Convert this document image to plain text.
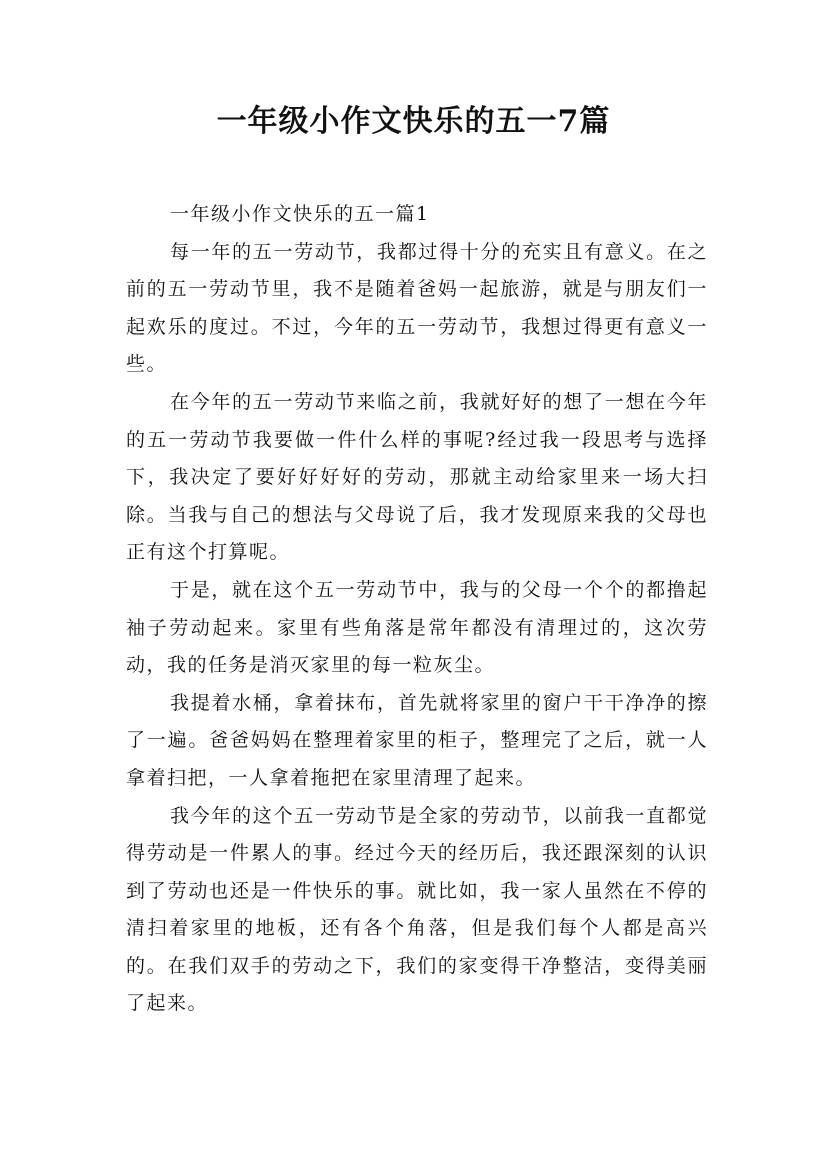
一年级小作文快乐的五一7篇

一年级小作文快乐的五一篇1

每一年的五一劳动节，我都过得十分的充实且有意义。在之前的五一劳动节里，我不是随着爸妈一起旅游，就是与朋友们一起欢乐的度过。不过，今年的五一劳动节，我想过得更有意义一些。

在今年的五一劳动节来临之前，我就好好的想了一想在今年的五一劳动节我要做一件什么样的事呢?经过我一段思考与选择下，我决定了要好好好好的劳动，那就主动给家里来一场大扫除。当我与自己的想法与父母说了后，我才发现原来我的父母也正有这个打算呢。

于是，就在这个五一劳动节中，我与的父母一个个的都撸起袖子劳动起来。家里有些角落是常年都没有清理过的，这次劳动，我的任务是消灭家里的每一粒灰尘。

我提着水桶，拿着抹布，首先就将家里的窗户干干净净的擦了一遍。爸爸妈妈在整理着家里的柜子，整理完了之后，就一人拿着扫把，一人拿着拖把在家里清理了起来。

我今年的这个五一劳动节是全家的劳动节，以前我一直都觉得劳动是一件累人的事。经过今天的经历后，我还跟深刻的认识到了劳动也还是一件快乐的事。就比如，我一家人虽然在不停的清扫着家里的地板，还有各个角落，但是我们每个人都是高兴的。在我们双手的劳动之下，我们的家变得干净整洁，变得美丽了起来。
